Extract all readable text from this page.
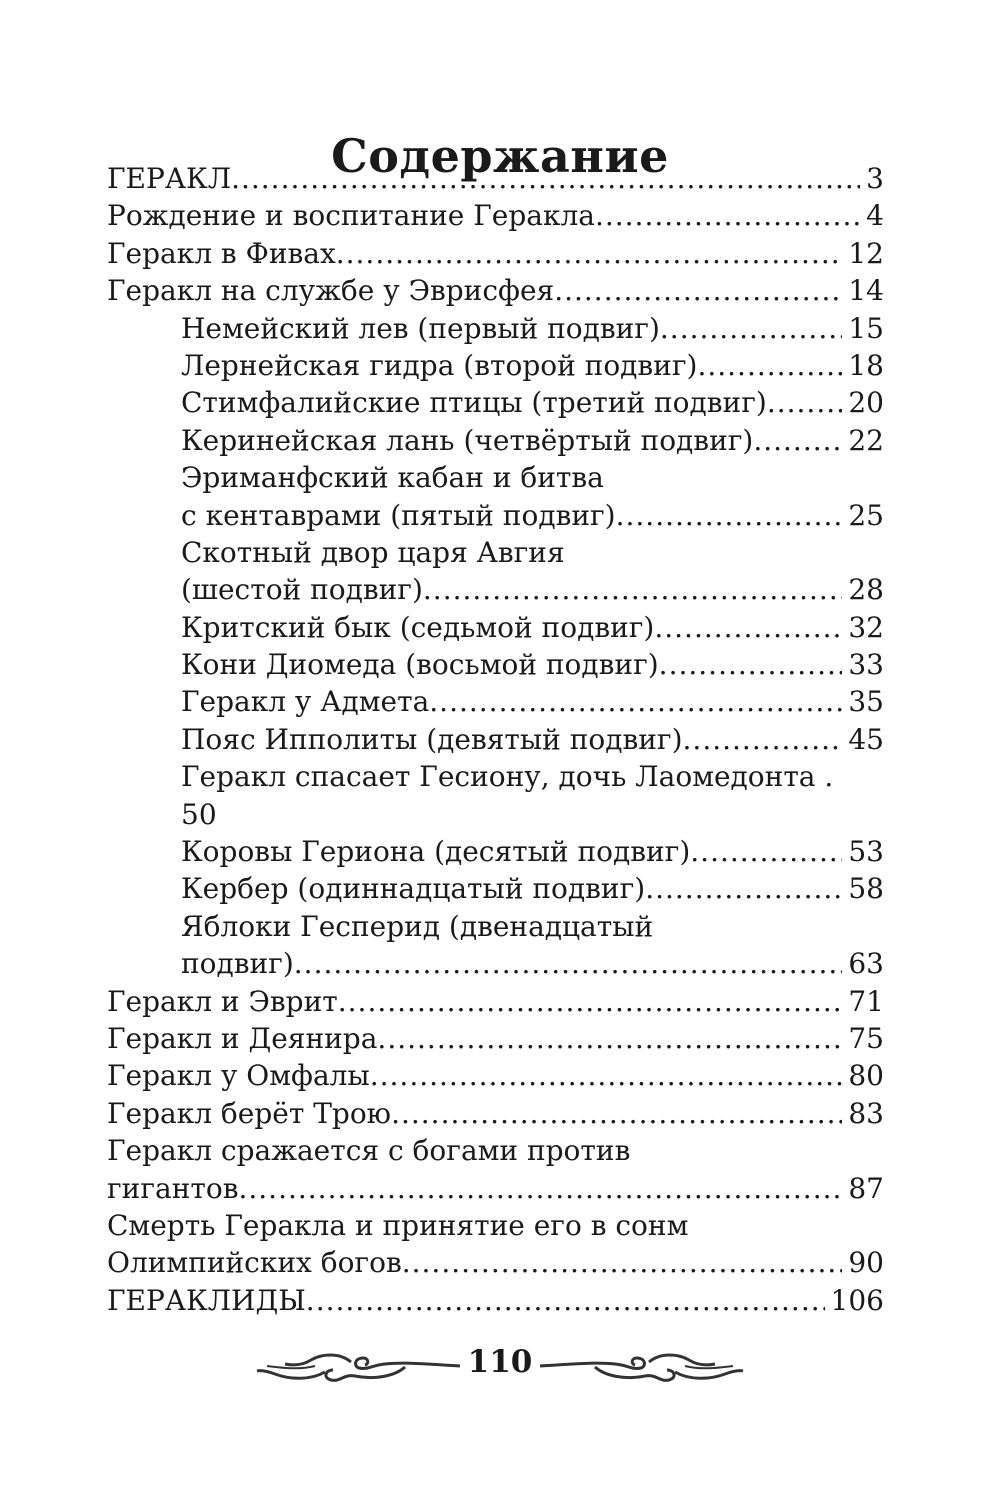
Содержание
ГЕРАКЛ .....	3
Рождение и воспитание Геракла .....	4
Геракл в Фивах .....	12
Геракл на службе у Эврисфея .....	14
Немейский лев (первый подвиг) .....	15
Лернейская гидра (второй подвиг) .....	18
Стимфалийские птицы (третий подвиг) .....	20
Керинейская лань (четвёртый подвиг) .....	22
Эриманфский кабан и битва
с кентаврами (пятый подвиг) .....	25
Скотный двор царя Авгия
(шестой подвиг) .....	28
Критский бык (седьмой подвиг) .....	32
Кони Диомеда (восьмой подвиг) .....	33
Геракл у Адмета .....	35
Пояс Ипполиты (девятый подвиг) .....	45
Геракл спасает Гесиону, дочь Лаомедонта .
50
Коровы Гериона (десятый подвиг) .....	53
Кербер (одиннадцатый подвиг) .....	58
Яблоки Гесперид (двенадцатый
подвиг) .....	63
Геракл и Эврит .....	71
Геракл и Деянира .....	75
Геракл у Омфалы .....	80
Геракл берёт Трою .....	83
Геракл сражается с богами против
гигантов .....	87
Смерть Геракла и принятие его в сонм
Олимпийских богов .....	90
ГЕРАКЛИДЫ .....	106
110
